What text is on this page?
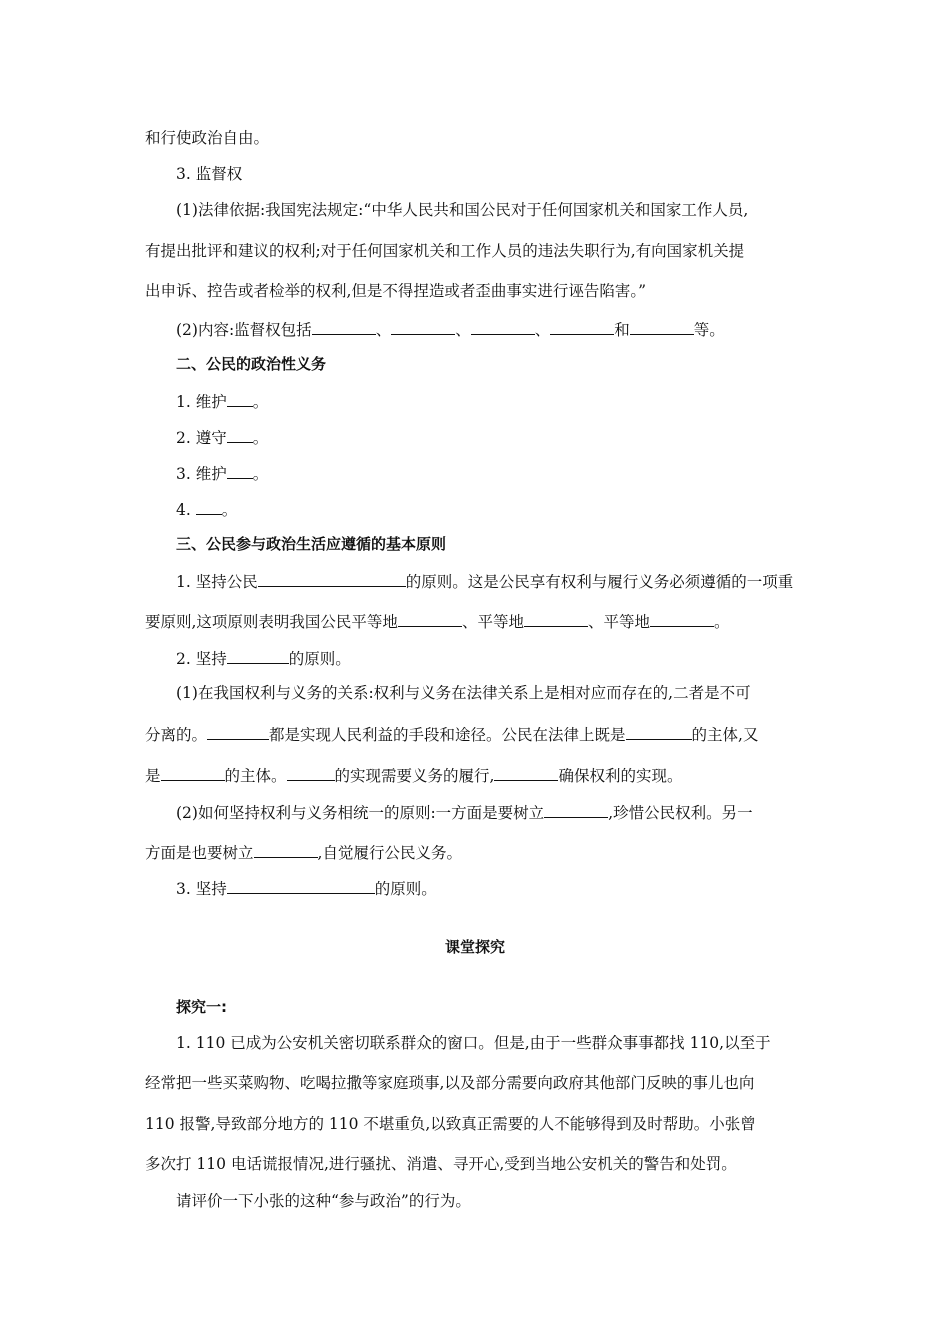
和行使政治自由。
3. 监督权
(1)法律依据:我国宪法规定:“中华人民共和国公民对于任何国家机关和国家工作人员,
有提出批评和建议的权利;对于任何国家机关和工作人员的违法失职行为,有向国家机关提
出申诉、控告或者检举的权利,但是不得捏造或者歪曲事实进行诬告陷害。”
(2)内容:监督权包括	、	、	、	和	等。
二、公民的政治性义务
1. 维护 。
2. 遵守 。
3. 维护 。
4. 。
三、公民参与政治生活应遵循的基本原则
1. 坚持公民	的原则。这是公民享有权利与履行义务必须遵循的一项重
要原则,这项原则表明我国公民平等地	、平等地	、平等地	。
2. 坚持	的原则。
(1)在我国权利与义务的关系:权利与义务在法律关系上是相对应而存在的,二者是不可
分离的。	都是实现人民利益的手段和途径。公民在法律上既是	的主体,又
是	的主体。	的实现需要义务的履行,	确保权利的实现。
(2)如何坚持权利与义务相统一的原则:一方面是要树立	,珍惜公民权利。另一
方面是也要树立	,自觉履行公民义务。
3. 坚持	的原则。
课堂探究
探究一:
1. 110 已成为公安机关密切联系群众的窗口。但是,由于一些群众事事都找 110,以至于
经常把一些买菜购物、吃喝拉撒等家庭琐事,以及部分需要向政府其他部门反映的事儿也向
110 报警,导致部分地方的 110 不堪重负,以致真正需要的人不能够得到及时帮助。小张曾
多次打 110 电话谎报情况,进行骚扰、消遣、寻开心,受到当地公安机关的警告和处罚。
请评价一下小张的这种“参与政治”的行为。
